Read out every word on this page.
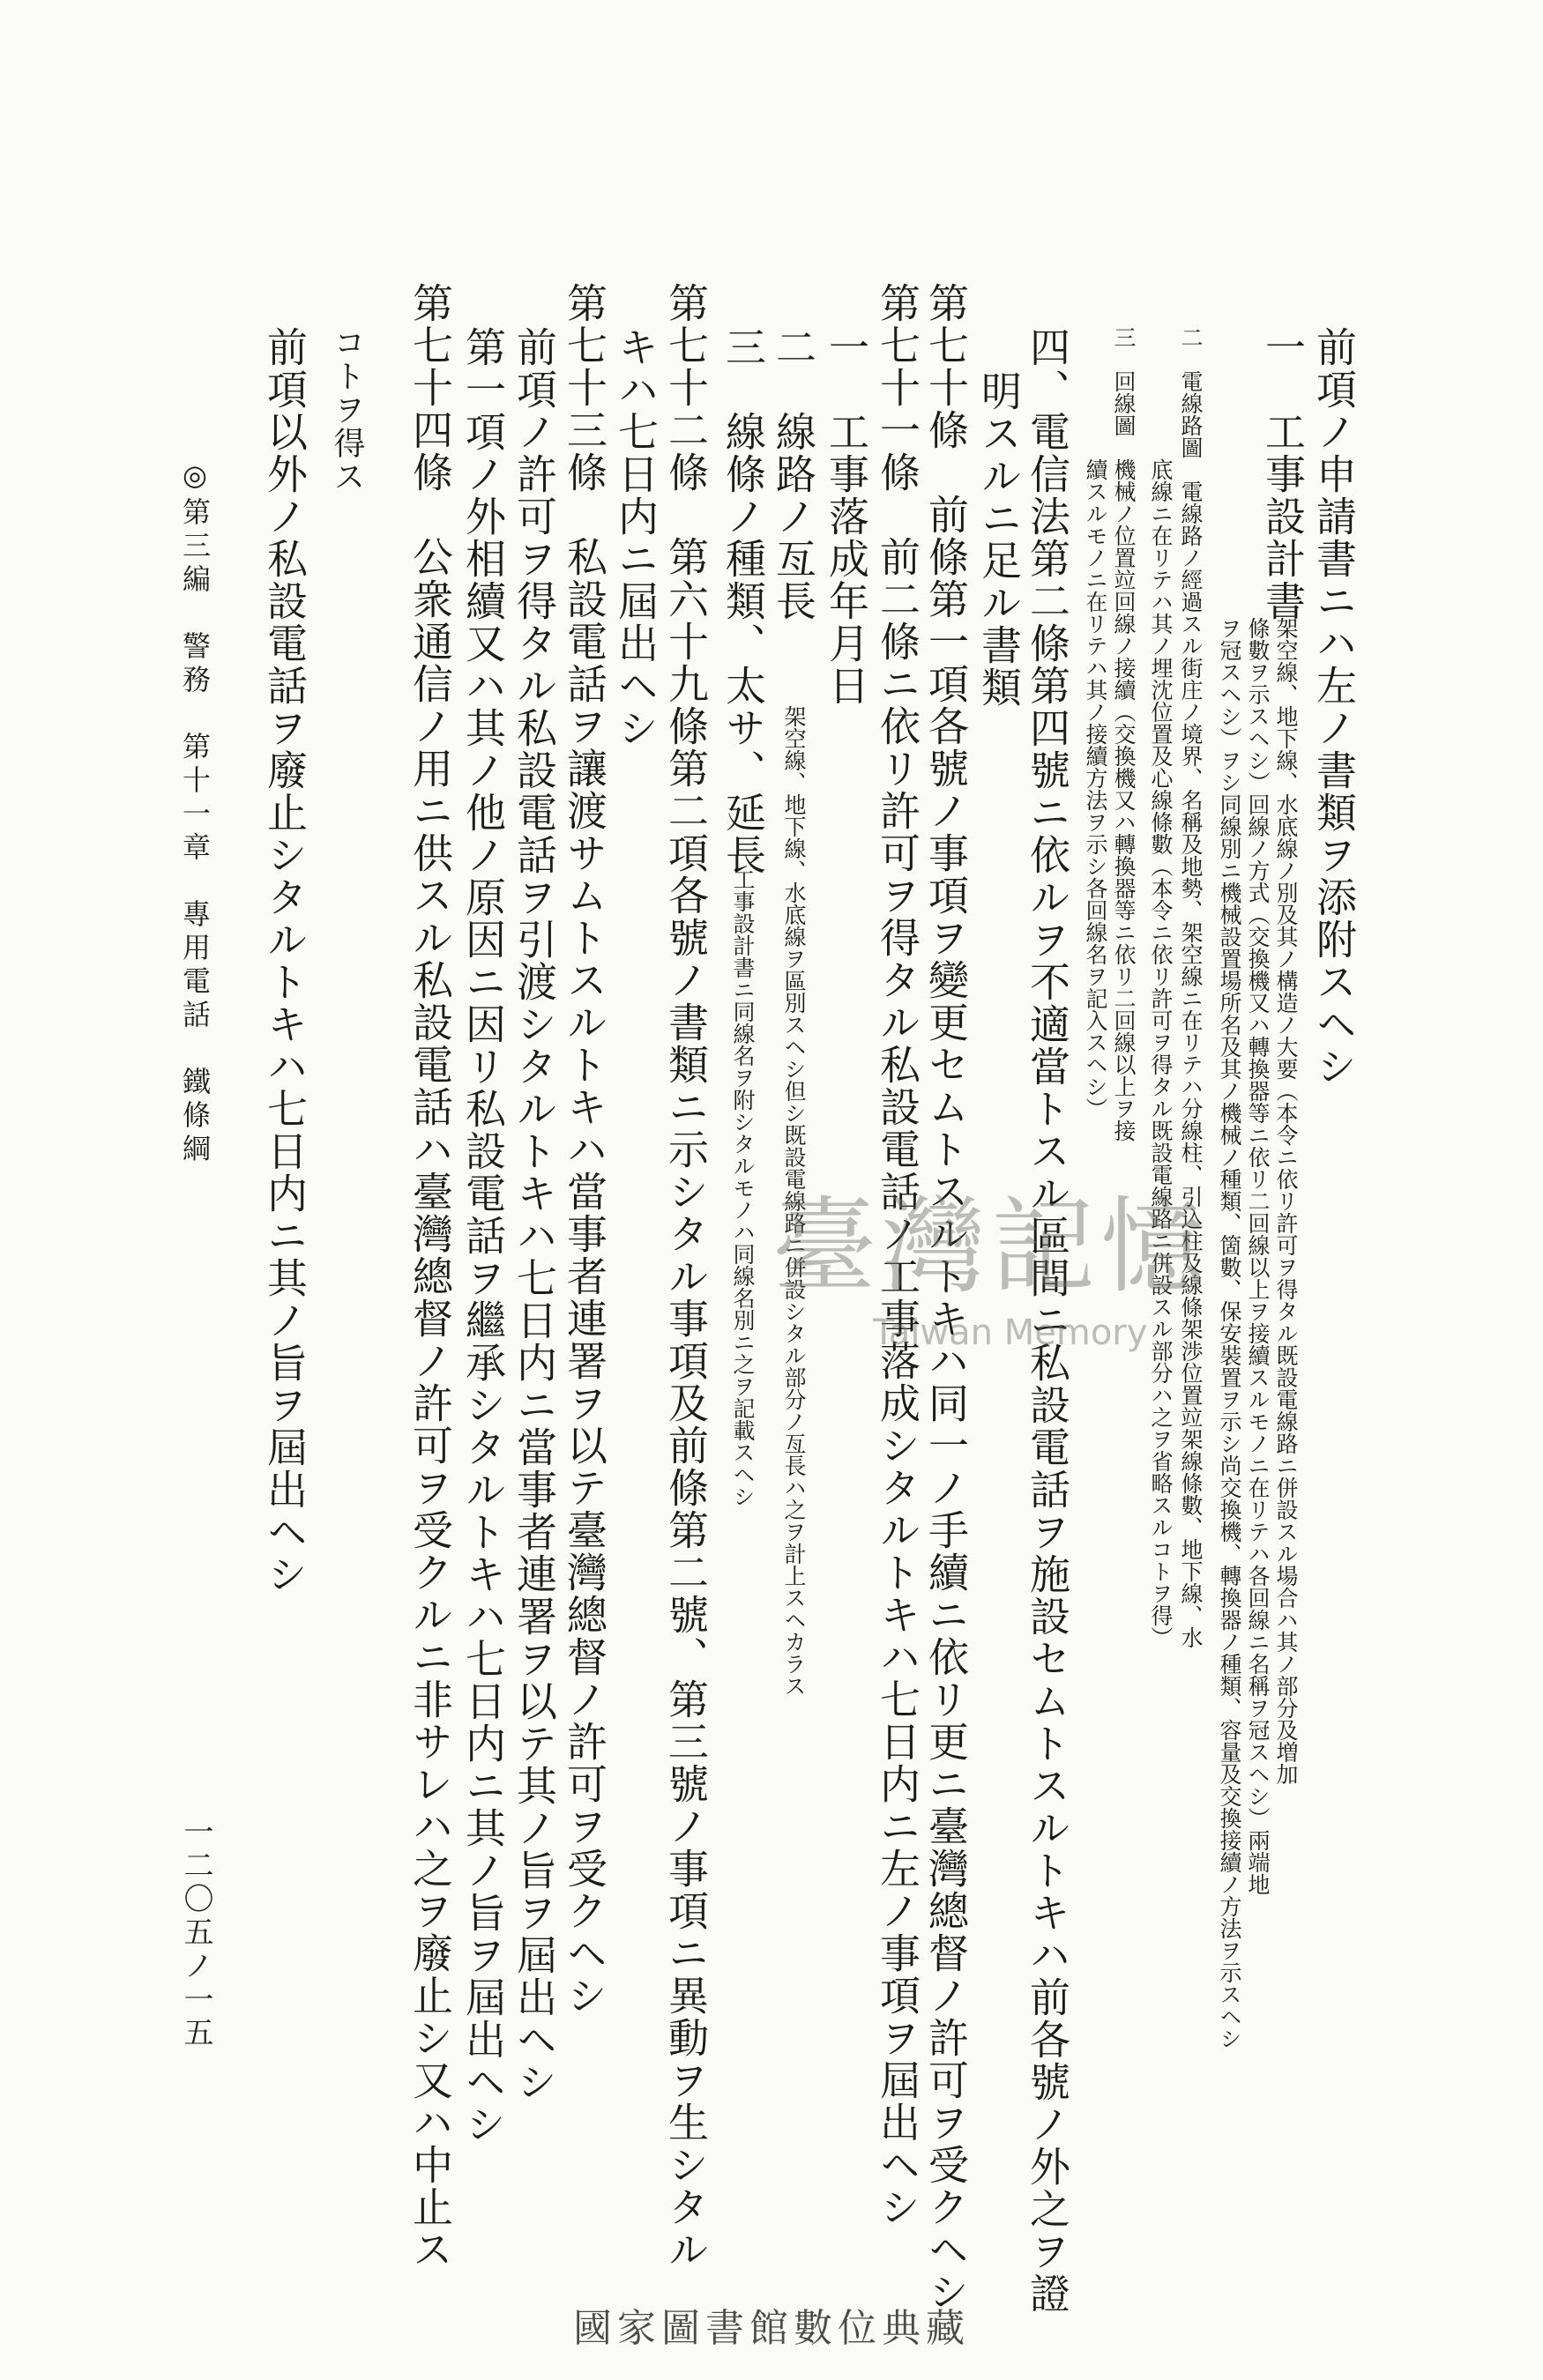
前項ノ申請書ニハ左ノ書類ヲ添附スヘシ
一　工事設計書
架空線、地下線、水底線ノ別及其ノ構造ノ大要（本令ニ依リ許可ヲ得タル既設電線路ニ併設スル場合ハ其ノ部分及増加
條數ヲ示スヘシ）回線ノ方式（交換機又ハ轉換器等ニ依リ二回線以上ヲ接續スルモノニ在リテハ各回線ニ名稱ヲ冠スヘシ）兩端地
ヲ冠スヘシ）ヲシ同線別ニ機械設置場所名及其ノ機械ノ種類、箇數、保安裝置ヲ示シ尚交換機、轉換器ノ種類、容量及交換接續ノ方法ヲ示スヘシ
二　電線路圖　電線路ノ經過スル街庄ノ境界、名稱及地勢、架空線ニ在リテハ分線柱、引込柱及線條架渉位置竝架線條數、地下線、水
底線ニ在リテハ其ノ埋沈位置及心線條數（本令ニ依リ許可ヲ得タル既設電線路ニ併設スル部分ハ之ヲ省略スルコトヲ得）
三　回線圖　機械ノ位置竝回線ノ接續（交換機又ハ轉換器等ニ依リ二回線以上ヲ接
續スルモノニ在リテハ其ノ接續方法ヲ示シ各回線名ヲ記入スヘシ）
四、電信法第二條第四號ニ依ルヲ不適當トスル區間ニ私設電話ヲ施設セムトスルトキハ前各號ノ外之ヲ證
明スルニ足ル書類
第七十條　前條第一項各號ノ事項ヲ變更セムトスルトキハ同一ノ手續ニ依リ更ニ臺灣總督ノ許可ヲ受クヘシ
第七十一條　前二條ニ依リ許可ヲ得タル私設電話ノ工事落成シタルトキハ七日内ニ左ノ事項ヲ屆出ヘシ
一　工事落成年月日
二　線路ノ亙長
架空線、地下線、水底線ヲ區別スヘシ但シ既設電線路ニ併設シタル部分ノ亙長ハ之ヲ計上スヘカラス
三　線條ノ種類、太サ、延長
工事設計書ニ同線名ヲ附シタルモノハ同線名別ニ之ヲ記載スヘシ
第七十二條　第六十九條第二項各號ノ書類ニ示シタル事項及前條第二號、第三號ノ事項ニ異動ヲ生シタル
キハ七日内ニ屆出ヘシ
第七十三條　私設電話ヲ讓渡サムトスルトキハ當事者連署ヲ以テ臺灣總督ノ許可ヲ受クヘシ
前項ノ許可ヲ得タル私設電話ヲ引渡シタルトキハ七日内ニ當事者連署ヲ以テ其ノ旨ヲ屆出ヘシ
第一項ノ外相續又ハ其ノ他ノ原因ニ因リ私設電話ヲ繼承シタルトキハ七日内ニ其ノ旨ヲ屆出ヘシ
第七十四條　公衆通信ノ用ニ供スル私設電話ハ臺灣總督ノ許可ヲ受クルニ非サレハ之ヲ廢止シ又ハ中止ス
コトヲ得ス
前項以外ノ私設電話ヲ廢止シタルトキハ七日内ニ其ノ旨ヲ屆出ヘシ
◎第三編　警務　第十一章　專用電話　鐵條綱
一二〇五ノ一五
臺灣記憶
Taiwan Memory
國家圖書館數位典藏
